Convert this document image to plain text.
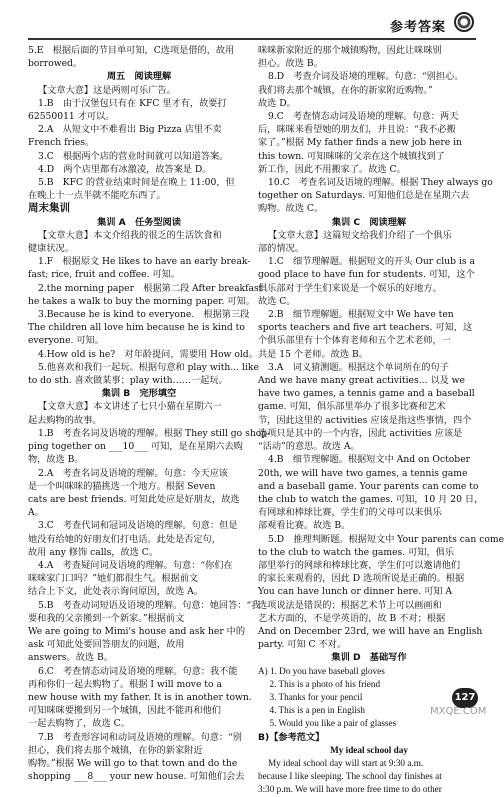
参考答案
5.E　根据后面的节目单可知，C选项是借的，故用
borrowed。
周五　阅读理解
【文章大意】这是两则可乐广告。
1.B　由于汉堡包只有在 KFC 里才有，故要打
62550011 才可以。
2.A　从短文中不难看出 Big Pizza 店里不卖
French fries。
3.C　根据两个店的营业时间就可以知道答案。
4.D　两个店里都有冰激凌，故答案是 D。
5.B　KFC 的营业结束时间是在晚上 11:00，但
在晚上十一点半就不能吃东西了。
周末集训
集训 A　任务型阅读
【文章大意】本文介绍我的很乏的生活饮食和
健康状况。
1.F　根据原文 He likes to have an early break-
fast; rice, fruit and coffee. 可知。
2.the morning paper　根据第二段 After breakfast
he takes a walk to buy the morning paper. 可知。
3.Because he is kind to everyone.　根据第三段
The children all love him because he is kind to
everyone. 可知。
4.How old is he?　对年龄提问，需要用 How old。
5.他喜欢和我们一起玩。根据句意和 play with... like
to do sth. 喜欢做某事；play with……一起玩。
集训 B　完形填空
【文章大意】本文讲述了七只小猫在星期六一
起去购物的故事。
1.B　考查名词及语境的理解。根据 They still go shop-
ping together on ___10___ 可知，是在星期六去购
物，故选 B。
2.A　考查名词及语境的理解。句意：今天应该
是一个叫咪咪的猫挑选一个地方。根据 Seven
cats are best friends. 可知此处应是好朋友，故选
A。
3.C　考查代词和冠词及语境的理解。句意：但是
她没有给她的好朋友们打电话。此处是否定句，
故用 any 修饰 calls，故选 C。
4.A　考查疑问词及语境的理解。句意：“你们在
咪咪家门口吗？”她们都很生气。根据前文
结合上下文，此处表示询问原因，故选 A。
5.B　考查动词短语及语境的理解。句意：她回答：“我
要和我的父亲搬到一个新家。”根据前文
We are going to Mimi's house and ask her 中的
ask 可知此处要回答朋友的问题，故用
answers。故选 B。
6.C　考查情态动词及语境的理解。句意：我不能
再和你们一起去购物了。根据 I will move to a
new house with my father. It is in another town.
可知咪咪要搬到另一个城镇，因此不能再和他们
一起去购物了，故选 C。
7.B　考查形容词和动词及语境的理解。句意：“别
担心，我们将去那个城镇，在你的新家附近
购物。”根据 We will go to that town and do the
shopping ___8___ your new house. 可知他们会去
咪咪新家附近的那个城镇购物，因此让咪咪别
担心。故选 B。
8.D　考查介词及语境的理解。句意：“别担心。
我们将去那个城镇，在你的新家附近购物。”
故选 D。
9.C　考查情态动词及语境的理解。句意：两天
后，咪咪来看望她的朋友们，并且说：“我不必搬
家了。”根据 My father finds a new job here in
this town. 可知咪咪的父亲在这个城镇找到了
新工作，因此不用搬家了。故选 C。
10.C　考查名词及语境的理解。根据 They always go
together on Saturdays. 可知他们总是在星期六去
购物。故选 C。
集训 C　阅读理解
【文章大意】这篇短文给我们介绍了一个俱乐
部的情况。
1.C　细节理解题。根据短文的开头 Our club is a
good place to have fun for students. 可知，这个
俱乐部对于学生们来说是一个娱乐的好地方。
故选 C。
2.B　细节理解题。根据短文中 We have ten
sports teachers and five art teachers. 可知，这
个俱乐部里有十个体育老师和五个艺术老师，一
共是 15 个老师。故选 B。
3.A　词义猜测题。根据这个单词所在的句子
And we have many great activities... 以及 we
have two games, a tennis game and a baseball
game. 可知，俱乐部里举办了很多比赛和艺术
节，因此这里的 activities 应该是指这些事情，四个
选项只是其中的一个内容，因此 activities 应该是
“活动”的意思。故选 A。
4.B　细节理解题。根据短文中 And on October
20th, we will have two games, a tennis game
and a baseball game. Your parents can come to
the club to watch the games. 可知，10 月 20 日，
有网球和棒球比赛，学生们的父母可以来俱乐
部观看比赛。故选 B。
5.D　推理判断题。根据短文中 Your parents can come
to the club to watch the games. 可知，俱乐
部里举行的网球和棒球比赛，学生们可以邀请他们
的家长来观看的，因此 D 选项所说是正确的。根据
You can have lunch or dinner here. 可知 A
选项说法是错误的；根据艺术节上可以画画和
艺术方面的，不是学英语的，故 B 不对；根据
And on December 23rd, we will have an English
party. 可知 C 不对。
集训 D　基础写作
A) 1. Do you have baseball gloves
　 2. This is a photo of his friend
　 3. Thanks for your pencil
　 4. This is a pen in English
　 5. Would you like a pair of glasses
B)【参考范文】
My ideal school day
My ideal school day will start at 9:30 a.m.
because I like sleeping. The school day finishes at
3:30 p.m. We will have more free time to do other
127
MXQE.COM
